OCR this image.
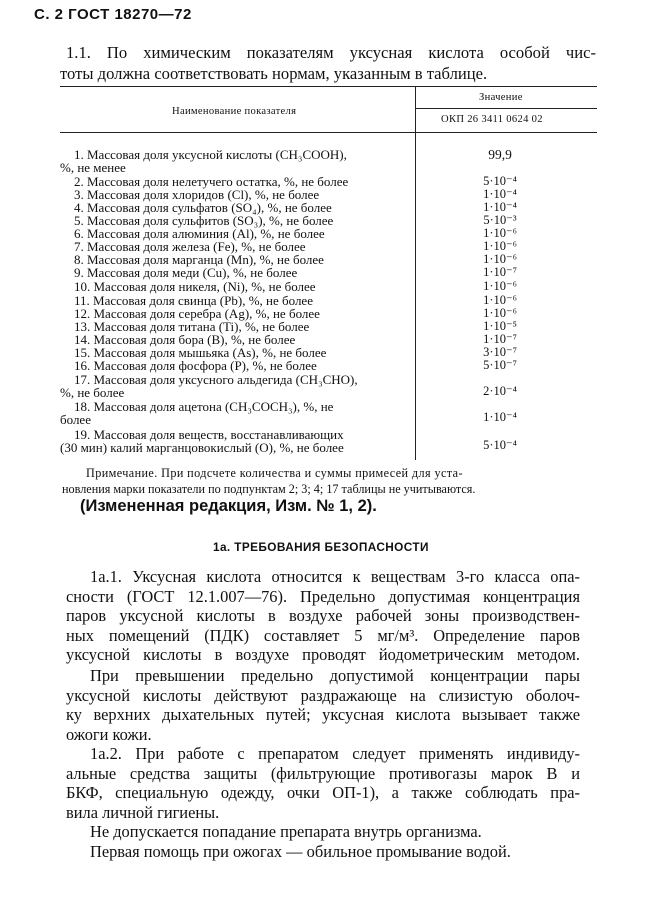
С. 2 ГОСТ 18270—72
1.1. По химическим показателям уксусная кислота особой чис-
тоты должна соответствовать нормам, указанным в таблице.
Наименование показателя
Значение
ОКП 26 3411 0624 02
1. Массовая доля уксусной кислоты (CH₃COOH),
%, не менее
99,9
2. Массовая доля нелетучего остатка, %, не более	5·10⁻⁴
3. Массовая доля хлоридов (Cl), %, не более	1·10⁻⁴
4. Массовая доля сульфатов (SO₄), %, не более	1·10⁻⁴
5. Массовая доля сульфитов (SO₃), %, не более	5·10⁻³
6. Массовая доля алюминия (Al), %, не более	1·10⁻⁶
7. Массовая доля железа (Fe), %, не более	1·10⁻⁶
8. Массовая доля марганца (Mn), %, не более	1·10⁻⁶
9. Массовая доля меди (Cu), %, не более	1·10⁻⁷
10. Массовая доля никеля, (Ni), %, не более	1·10⁻⁶
11. Массовая доля свинца (Pb), %, не более	1·10⁻⁶
12. Массовая доля серебра (Ag), %, не более	1·10⁻⁶
13. Массовая доля титана (Ti), %, не более	1·10⁻⁵
14. Массовая доля бора (B), %, не более	1·10⁻⁷
15. Массовая доля мышьяка (As), %, не более	3·10⁻⁷
16. Массовая доля фосфора (P), %, не более	5·10⁻⁷
17. Массовая доля уксусного альдегида (CH₃CHO),
%, не более	2·10⁻⁴
18. Массовая доля ацетона (CH₃COCH₃), %, не
более	1·10⁻⁴
19. Массовая доля веществ, восстанавливающих
(30 мин) калий марганцовокислый (O), %, не более	5·10⁻⁴
Примечание. При подсчете количества и суммы примесей для уста-
новления марки показатели по подпунктам 2; 3; 4; 17 таблицы не учитываются.
(Измененная редакция, Изм. № 1, 2).
1а. ТРЕБОВАНИЯ БЕЗОПАСНОСТИ
1а.1. Уксусная кислота относится к веществам 3-го класса опа-
сности (ГОСТ 12.1.007—76). Предельно допустимая концентрация
паров уксусной кислоты в воздухе рабочей зоны производствен-
ных помещений (ПДК) составляет 5 мг/м³. Определение паров
уксусной кислоты в воздухе проводят йодометрическим методом.
При превышении предельно допустимой концентрации пары
уксусной кислоты действуют раздражающе на слизистую оболоч-
ку верхних дыхательных путей; уксусная кислота вызывает также
ожоги кожи.
1а.2. При работе с препаратом следует применять индивиду-
альные средства защиты (фильтрующие противогазы марок В и
БКФ, специальную одежду, очки ОП-1), а также соблюдать пра-
вила личной гигиены.
Не допускается попадание препарата внутрь организма.
Первая помощь при ожогах — обильное промывание водой.
